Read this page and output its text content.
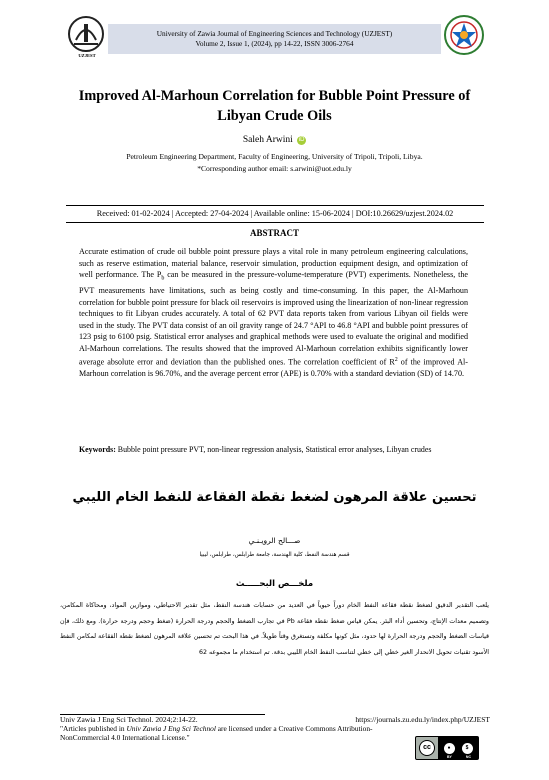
UZJEST
University of Zawia Journal of Engineering Sciences and Technology (UZJEST)
Volume 2, Issue 1, (2024), pp 14-22, ISSN 3006-2764
Improved Al-Marhoun Correlation for Bubble Point Pressure of
Libyan Crude Oils
Saleh Arwini iD
Petroleum Engineering Department, Faculty of Engineering, University of Tripoli, Tripoli, Libya.
*Corresponding author email: s.arwini@uot.edu.ly
Received: 01-02-2024 | Accepted: 27-04-2024 | Available online: 15-06-2024 | DOI:10.26629/uzjest.2024.02
ABSTRACT
Accurate estimation of crude oil bubble point pressure plays a vital role in many petroleum engineering calculations, such as reserve estimation, material balance, reservoir simulation, production equipment design, and optimization of well performance. The $P_b$ can be measured in the pressure-volume-temperature (PVT) experiments. Nonetheless, the PVT measurements have limitations, such as being costly and time-consuming. In this paper, the Al-Marhoun correlation for bubble point pressure for black oil reservoirs is improved using the linearization of non-linear regression techniques to fit Libyan crudes accurately. A total of 62 PVT data reports taken from various Libyan oil fields were used in the study. The PVT data consist of an oil gravity range of 24.7 °API to 46.8 °API and bubble point pressures of 123 psig to 6100 psig. Statistical error analyses and graphical methods were used to evaluate the original and modified Al-Marhoun correlations. The results showed that the improved Al-Marhoun correlation exhibits significantly lower average absolute error and deviation than the published ones. The correlation coefficient of $R^2$ of the improved Al-Marhoun correlation is 96.70%, and the average percent error (APE) is 0.70% with a standard deviation (SD) of 14.70.
Keywords: Bubble point pressure PVT, non-linear regression analysis, Statistical error analyses, Libyan crudes
تحسين علاقة المرهون لضغط نقطة الفقاعة للنفط الخام الليبي
صـــالح الرويـنـي
قسم هندسة النفط، كلية الهندسة، جامعة طرابلس، طرابلس، ليبيا
ملخـــص البحـــــث
يلعب التقدير الدقيق لضغط نقطة فقاعة النفط الخام دوراً حيوياً في العديد من حسابات هندسة النفط، مثل تقدير الاحتياطي، وموازين المواد، ومحاكاة المكامن، وتصميم معدات الإنتاج، وتحسين أداء البئر. يمكن قياس ضغط نقطة فقاعة Pb في تجارب الضغط والحجم ودرجة الحرارة (ضغط وحجم ودرجة حرارة). ومع ذلك، فإن قياسات الضغط والحجم ودرجة الحرارة لها حدود، مثل كونها مكلفة وتستغرق وقتاً طويلاً. في هذا البحث تم تحسين علاقة المرهون لضغط نقطة الفقاعة لمكامن النفط الأسود تقنيات تحويل الانحدار الغير خطي إلى خطي لتناسب النفط الخام الليبي بدقة. تم استخدام ما مجموعه 62
Univ Zawia J Eng Sci Technol. 2024;2:14-22.	https://journals.zu.edu.ly/index.php/UZJEST
"Articles published in Univ Zawia J Eng Sci Technol are licensed under a Creative Commons Attribution-NonCommercial 4.0 International License."
cc	●	$
BY	NC
